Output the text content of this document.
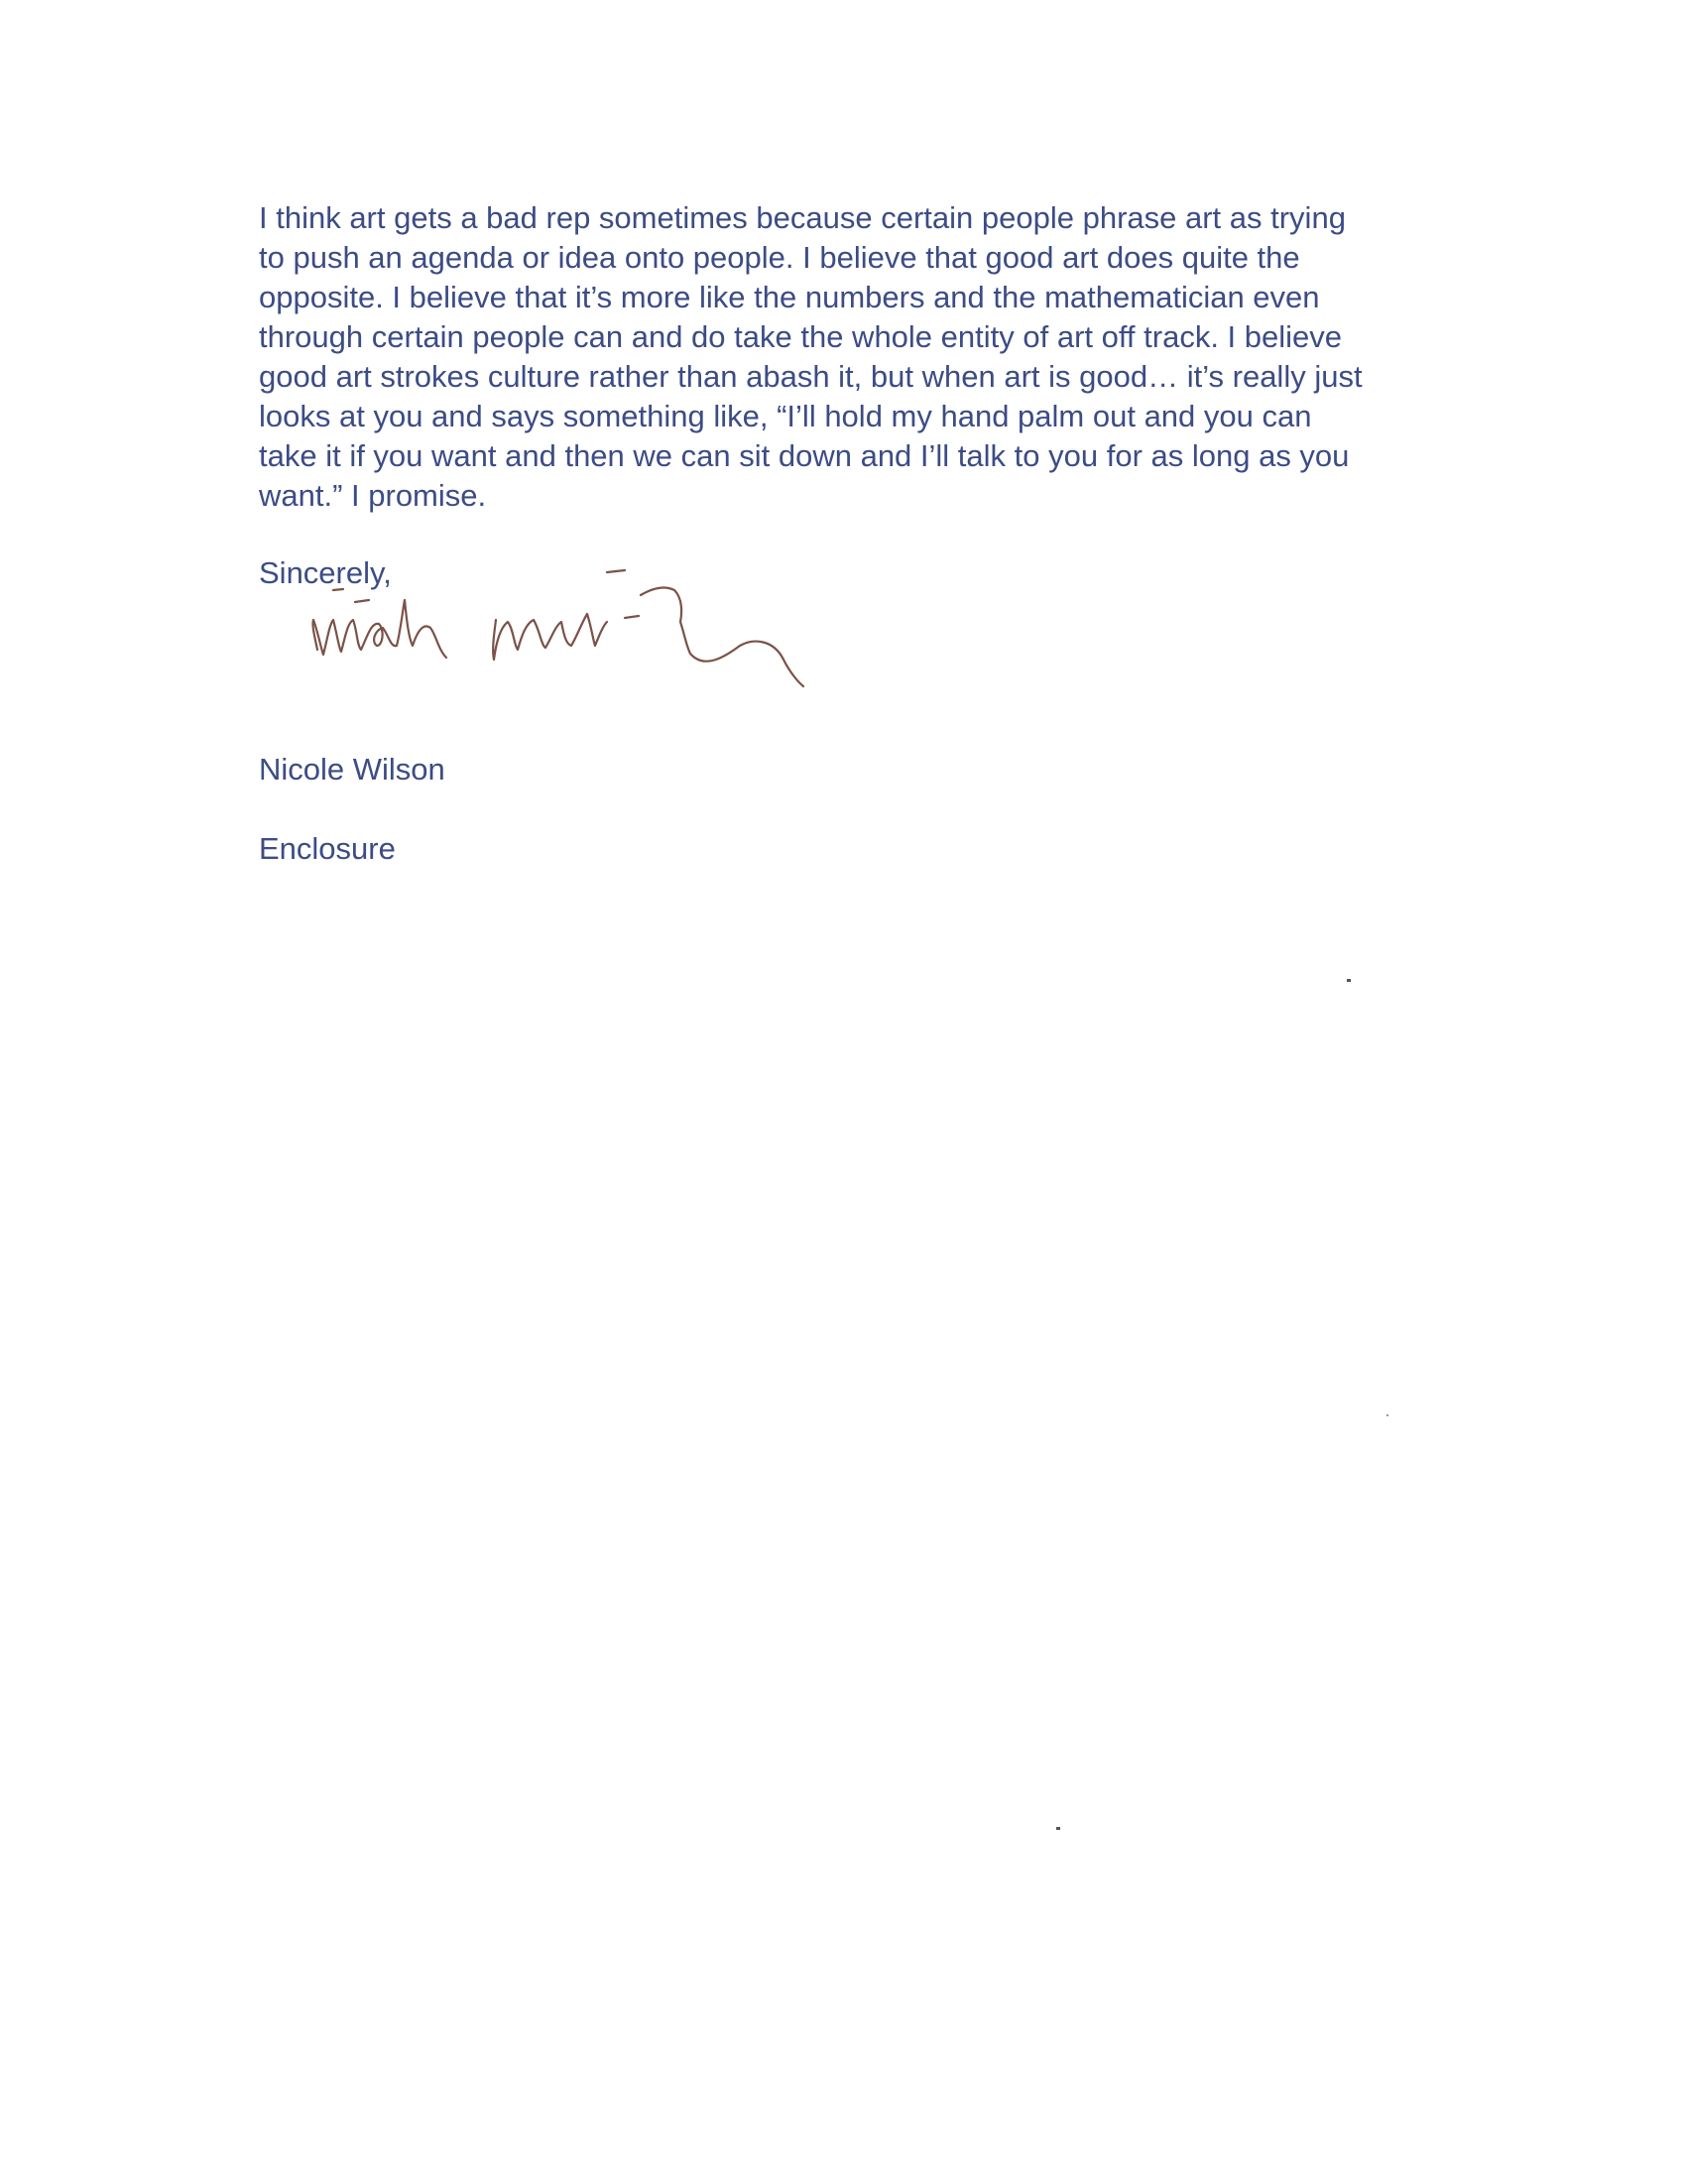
I think art gets a bad rep sometimes because certain people phrase art as trying
to push an agenda or idea onto people. I believe that good art does quite the
opposite. I believe that it’s more like the numbers and the mathematician even
through certain people can and do take the whole entity of art off track. I believe
good art strokes culture rather than abash it, but when art is good… it’s really just
looks at you and says something like, “I’ll hold my hand palm out and you can
take it if you want and then we can sit down and I’ll talk to you for as long as you
want.” I promise.

Sincerely,

Nicole Wilson

Enclosure
